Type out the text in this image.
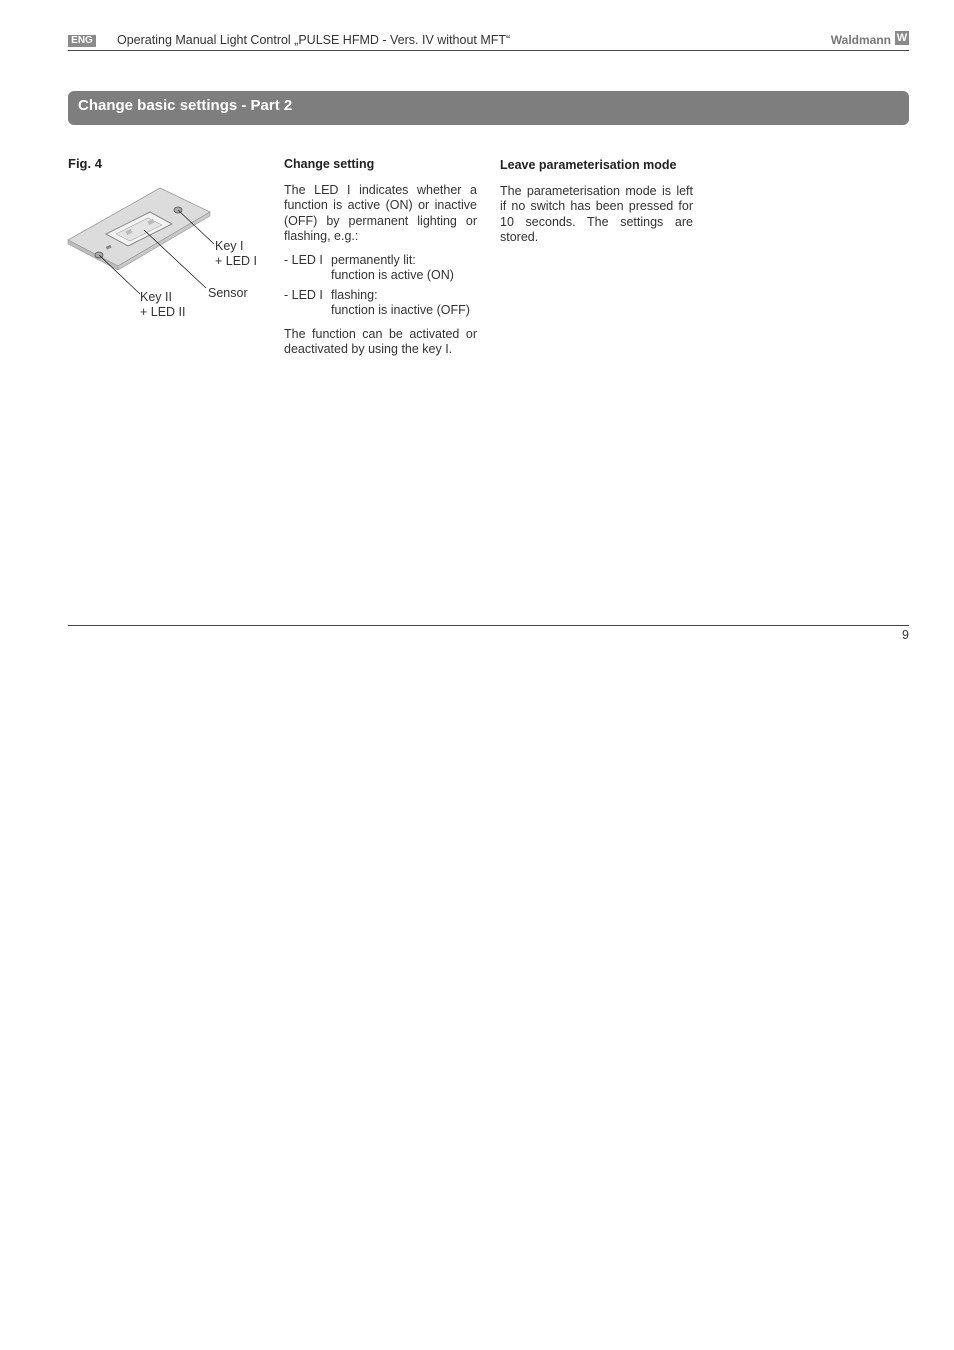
ENG Operating Manual Light Control „PULSE HFMD - Vers. IV without MFT“	Waldmann W
Change basic settings - Part 2
Fig. 4
Key I
+ LED I
Sensor
Key II
+ LED II
Change setting

The LED I indicates whether a function is active (ON) or inactive (OFF) by permanent lighting or flashing, e.g.:

- LED I permanently lit:
function is active (ON)
- LED I flashing:
function is inactive (OFF)

The function can be activated or deactivated by using the key I.

Leave parameterisation mode

The parameterisation mode is left if no switch has been pressed for 10 seconds. The settings are stored.

9
